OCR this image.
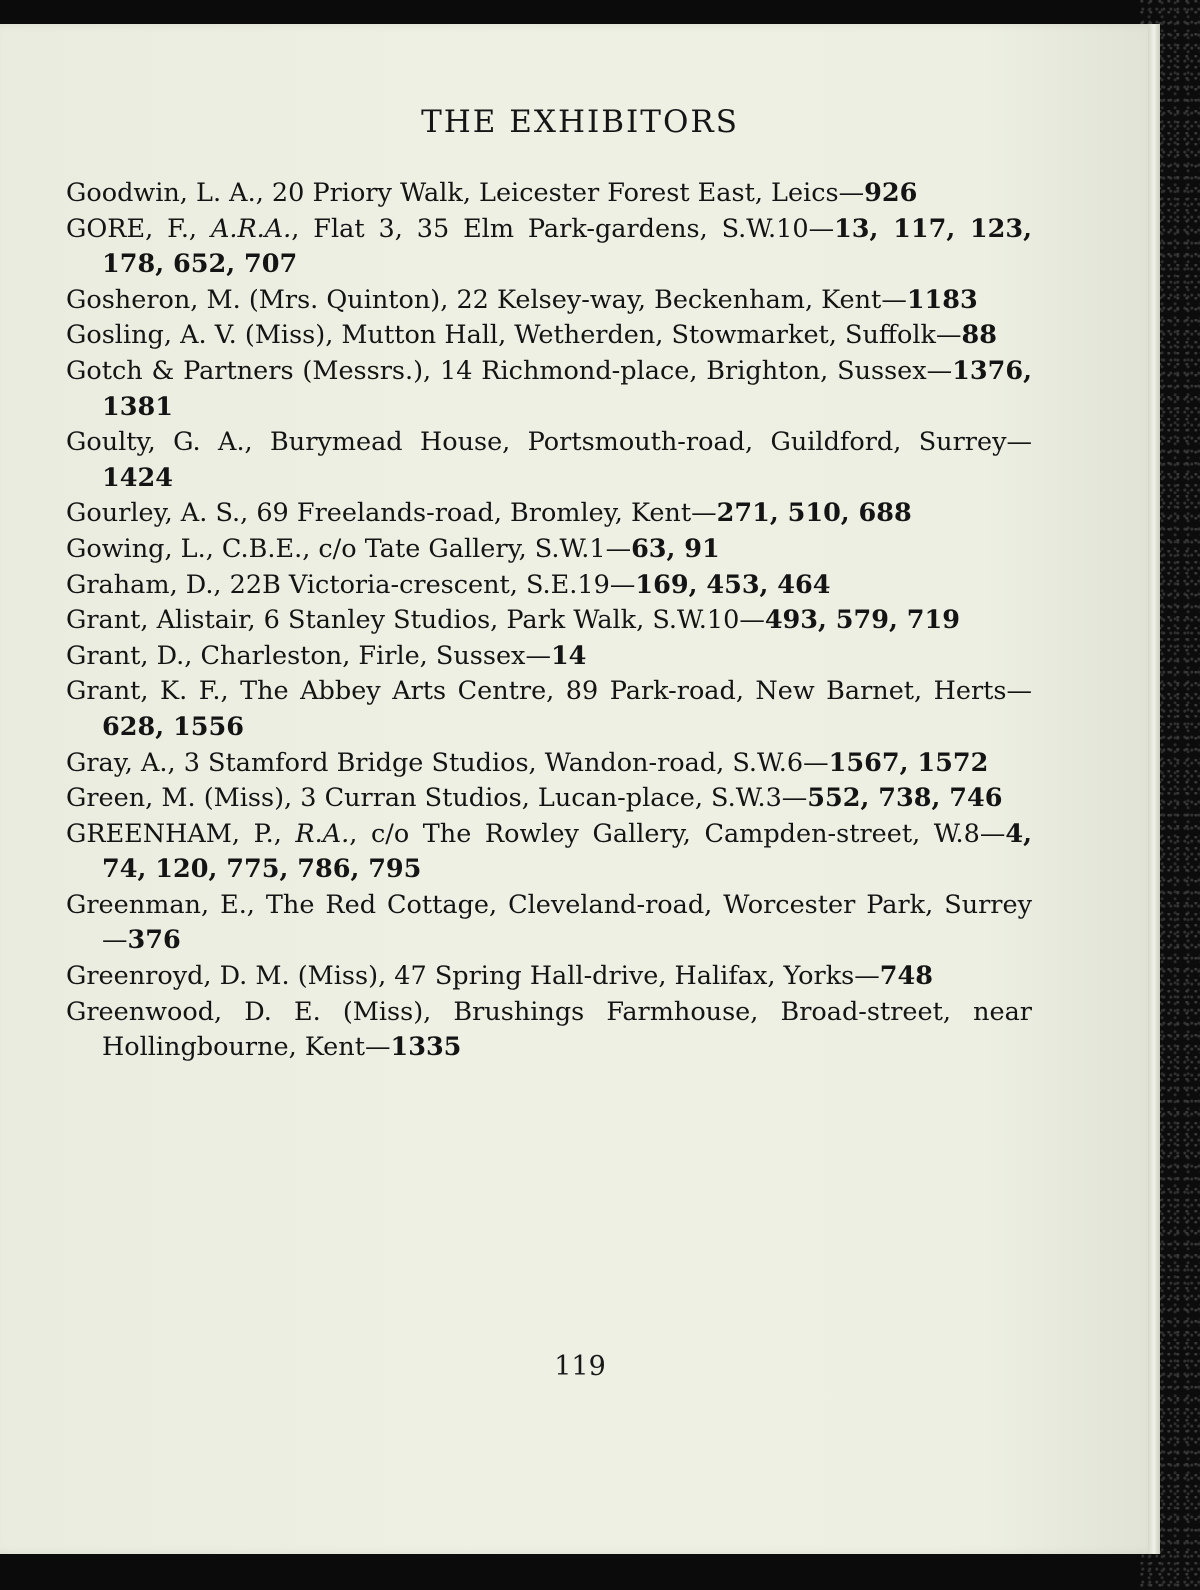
THE EXHIBITORS
Goodwin, L. A., 20 Priory Walk, Leicester Forest East, Leics—926
GORE, F., A.R.A., Flat 3, 35 Elm Park-gardens, S.W.10—13, 117, 123, 178, 652, 707
Gosheron, M. (Mrs. Quinton), 22 Kelsey-way, Beckenham, Kent—1183
Gosling, A. V. (Miss), Mutton Hall, Wetherden, Stowmarket, Suffolk—88
Gotch & Partners (Messrs.), 14 Richmond-place, Brighton, Sussex—1376, 1381
Goulty, G. A., Burymead House, Portsmouth-road, Guildford, Surrey—1424
Gourley, A. S., 69 Freelands-road, Bromley, Kent—271, 510, 688
Gowing, L., C.B.E., c/o Tate Gallery, S.W.1—63, 91
Graham, D., 22B Victoria-crescent, S.E.19—169, 453, 464
Grant, Alistair, 6 Stanley Studios, Park Walk, S.W.10—493, 579, 719
Grant, D., Charleston, Firle, Sussex—14
Grant, K. F., The Abbey Arts Centre, 89 Park-road, New Barnet, Herts—628, 1556
Gray, A., 3 Stamford Bridge Studios, Wandon-road, S.W.6—1567, 1572
Green, M. (Miss), 3 Curran Studios, Lucan-place, S.W.3—552, 738, 746
GREENHAM, P., R.A., c/o The Rowley Gallery, Campden-street, W.8—4, 74, 120, 775, 786, 795
Greenman, E., The Red Cottage, Cleveland-road, Worcester Park, Surrey—376
Greenroyd, D. M. (Miss), 47 Spring Hall-drive, Halifax, Yorks—748
Greenwood, D. E. (Miss), Brushings Farmhouse, Broad-street, near Hollingbourne, Kent—1335
119
